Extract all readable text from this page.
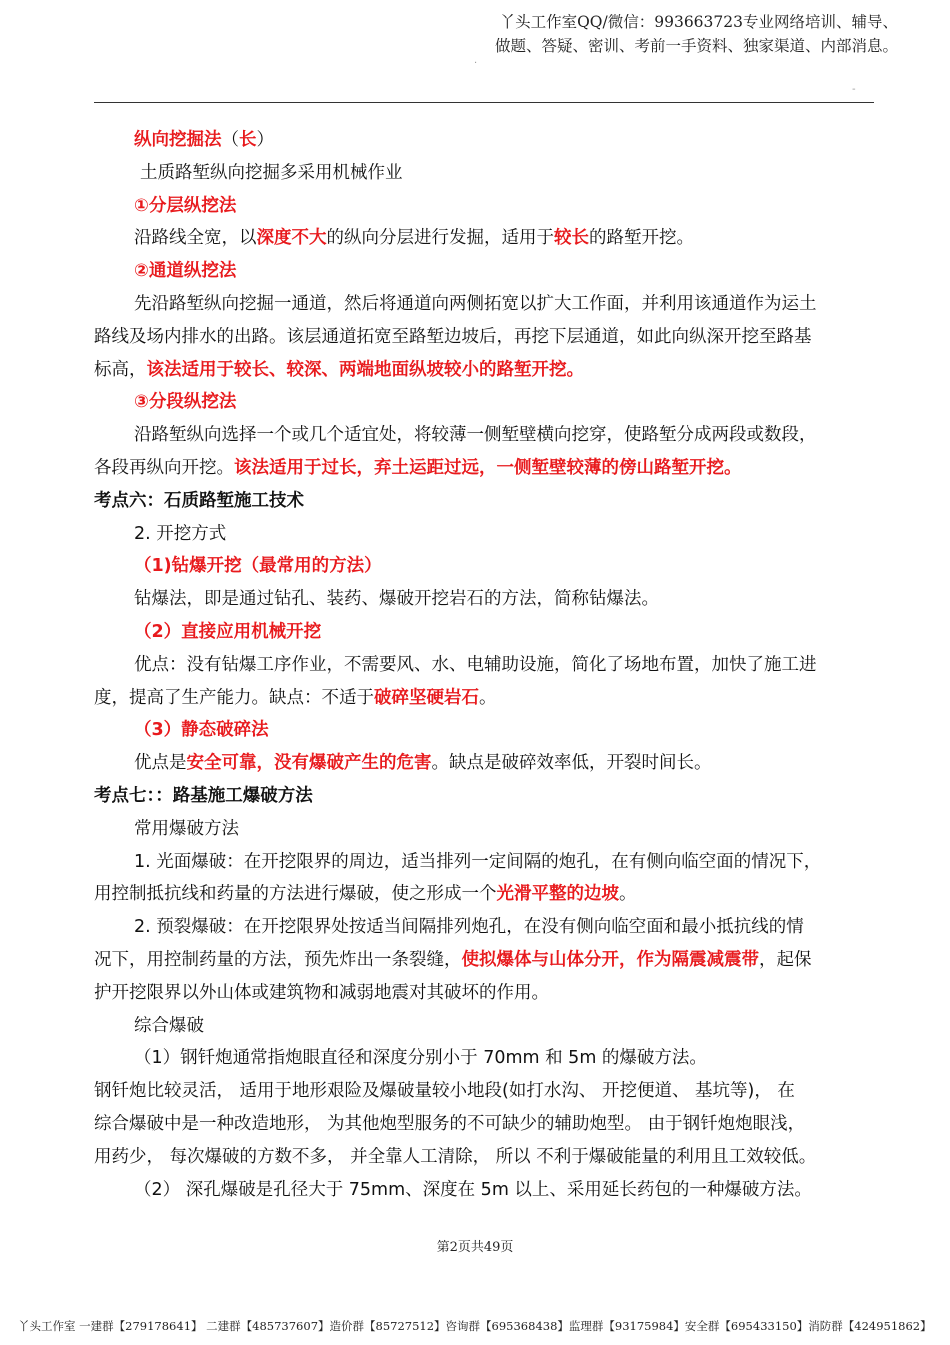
丫头工作室QQ/微信：993663723专业网络培训、辅导、
做题、答疑、密训、考前一手资料、独家渠道、内部消息。
·
-
纵向挖掘法（长）
土质路堑纵向挖掘多采用机械作业
①分层纵挖法
沿路线全宽，以深度不大的纵向分层进行发掘，适用于较长的路堑开挖。
②通道纵挖法
先沿路堑纵向挖掘一通道，然后将通道向两侧拓宽以扩大工作面，并利用该通道作为运土
路线及场内排水的出路。该层通道拓宽至路堑边坡后，再挖下层通道，如此向纵深开挖至路基
标高，该法适用于较长、较深、两端地面纵坡较小的路堑开挖。
③分段纵挖法
沿路堑纵向选择一个或几个适宜处，将较薄一侧堑壁横向挖穿，使路堑分成两段或数段，
各段再纵向开挖。该法适用于过长，弃土运距过远，一侧堑壁较薄的傍山路堑开挖。
考点六：石质路堑施工技术
2. 开挖方式
（1)钻爆开挖（最常用的方法）
钻爆法，即是通过钻孔、装药、爆破开挖岩石的方法，简称钻爆法。
（2）直接应用机械开挖
优点：没有钻爆工序作业，不需要风、水、电辅助设施，简化了场地布置，加快了施工进
度，提高了生产能力。缺点：不适于破碎坚硬岩石。
（3）静态破碎法
优点是安全可靠，没有爆破产生的危害。缺点是破碎效率低，开裂时间长。
考点七：：路基施工爆破方法
常用爆破方法
1. 光面爆破：在开挖限界的周边，适当排列一定间隔的炮孔，在有侧向临空面的情况下，
用控制抵抗线和药量的方法进行爆破，使之形成一个光滑平整的边坡。
2. 预裂爆破：在开挖限界处按适当间隔排列炮孔，在没有侧向临空面和最小抵抗线的情
况下，用控制药量的方法，预先炸出一条裂缝，使拟爆体与山体分开，作为隔震减震带，起保
护开挖限界以外山体或建筑物和减弱地震对其破坏的作用。
综合爆破
（1）钢钎炮通常指炮眼直径和深度分别小于 70mm 和 5m 的爆破方法。
钢钎炮比较灵活， 适用于地形艰险及爆破量较小地段(如打水沟、 开挖便道、 基坑等)， 在
综合爆破中是一种改造地形， 为其他炮型服务的不可缺少的辅助炮型。 由于钢钎炮炮眼浅，
用药少， 每次爆破的方数不多， 并全靠人工清除， 所以 不利于爆破能量的利用且工效较低。
（2） 深孔爆破是孔径大于 75mm、深度在 5m 以上、采用延长药包的一种爆破方法。
第2页共49页
丫头工作室 一建群【279178641】 二建群【485737607】造价群【85727512】咨询群【695368438】监理群【93175984】安全群【695433150】消防群【424951862】
